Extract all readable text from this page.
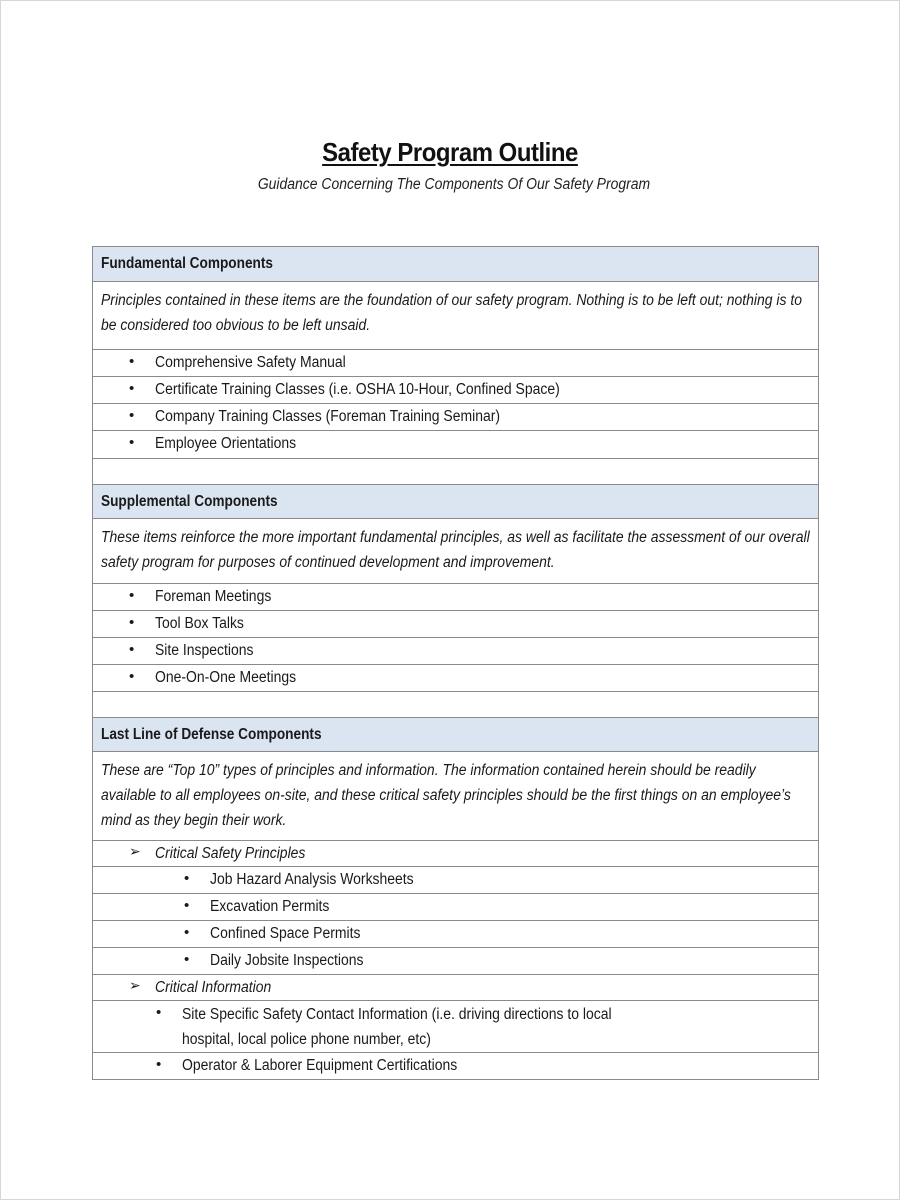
Safety Program Outline
Guidance Concerning The Components Of Our Safety Program
Fundamental Components
Principles contained in these items are the foundation of our safety program. Nothing is to be left out; nothing is to be considered too obvious to be left unsaid.
• Comprehensive Safety Manual
• Certificate Training Classes (i.e. OSHA 10-Hour, Confined Space)
• Company Training Classes (Foreman Training Seminar)
• Employee Orientations
Supplemental Components
These items reinforce the more important fundamental principles, as well as facilitate the assessment of our overall safety program for purposes of continued development and improvement.
• Foreman Meetings
• Tool Box Talks
• Site Inspections
• One-On-One Meetings
Last Line of Defense Components
These are “Top 10” types of principles and information. The information contained herein should be readily available to all employees on-site, and these critical safety principles should be the first things on an employee’s mind as they begin their work.
➢ Critical Safety Principles
• Job Hazard Analysis Worksheets
• Excavation Permits
• Confined Space Permits
• Daily Jobsite Inspections
➢ Critical Information
• Site Specific Safety Contact Information (i.e. driving directions to local hospital, local police phone number, etc)
• Operator & Laborer Equipment Certifications
